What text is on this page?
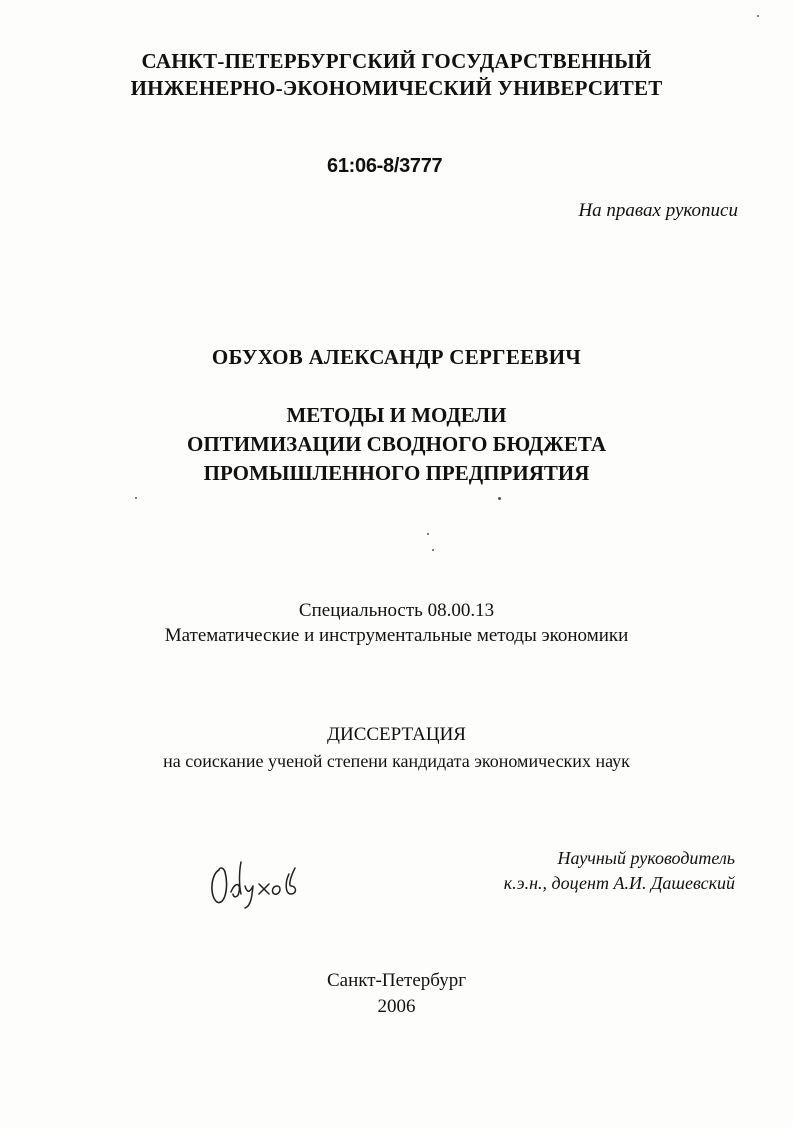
САНКТ-ПЕТЕРБУРГСКИЙ ГОСУДАРСТВЕННЫЙ
ИНЖЕНЕРНО-ЭКОНОМИЧЕСКИЙ УНИВЕРСИТЕТ
61:06-8/3777
На правах рукописи
ОБУХОВ АЛЕКСАНДР СЕРГЕЕВИЧ
МЕТОДЫ И МОДЕЛИ
ОПТИМИЗАЦИИ СВОДНОГО БЮДЖЕТА
ПРОМЫШЛЕННОГО ПРЕДПРИЯТИЯ
Специальность 08.00.13
Математические и инструментальные методы экономики
ДИССЕРТАЦИЯ
на соискание ученой степени кандидата экономических наук
Научный руководитель
к.э.н., доцент А.И. Дашевский
Санкт-Петербург
2006
